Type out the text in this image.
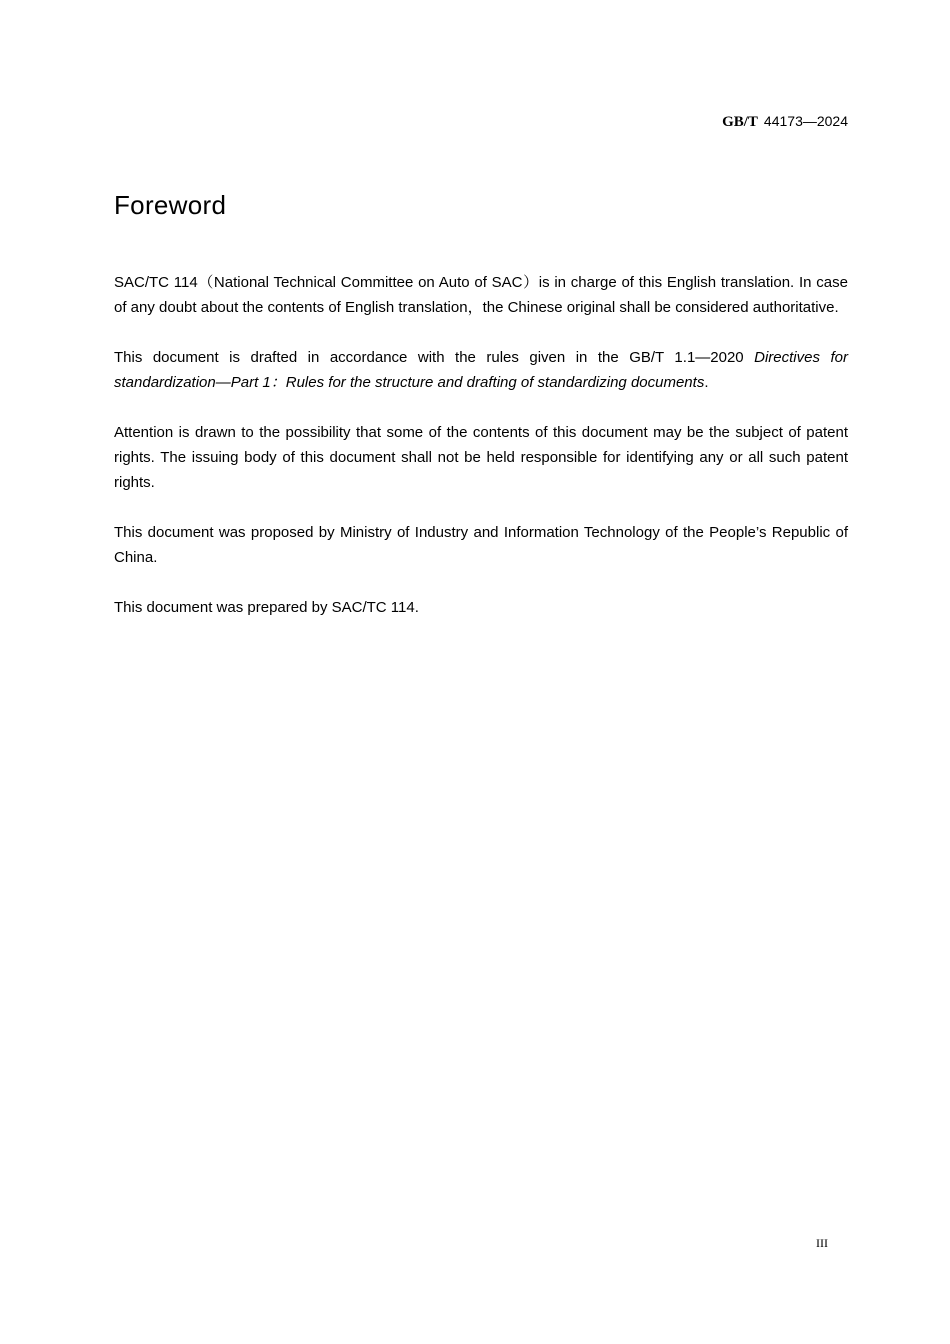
GB/T 44173—2024
Foreword

SAC/TC 114（National Technical Committee on Auto of SAC）is in charge of this English translation. In case of any doubt about the contents of English translation，the Chinese original shall be considered authoritative.

This document is drafted in accordance with the rules given in the GB/T 1.1—2020 Directives for standardization—Part 1：Rules for the structure and drafting of standardizing documents.

Attention is drawn to the possibility that some of the contents of this document may be the subject of patent rights. The issuing body of this document shall not be held responsible for identifying any or all such patent rights.

This document was proposed by Ministry of Industry and Information Technology of the People’s Republic of China.

This document was prepared by SAC/TC 114.

III
